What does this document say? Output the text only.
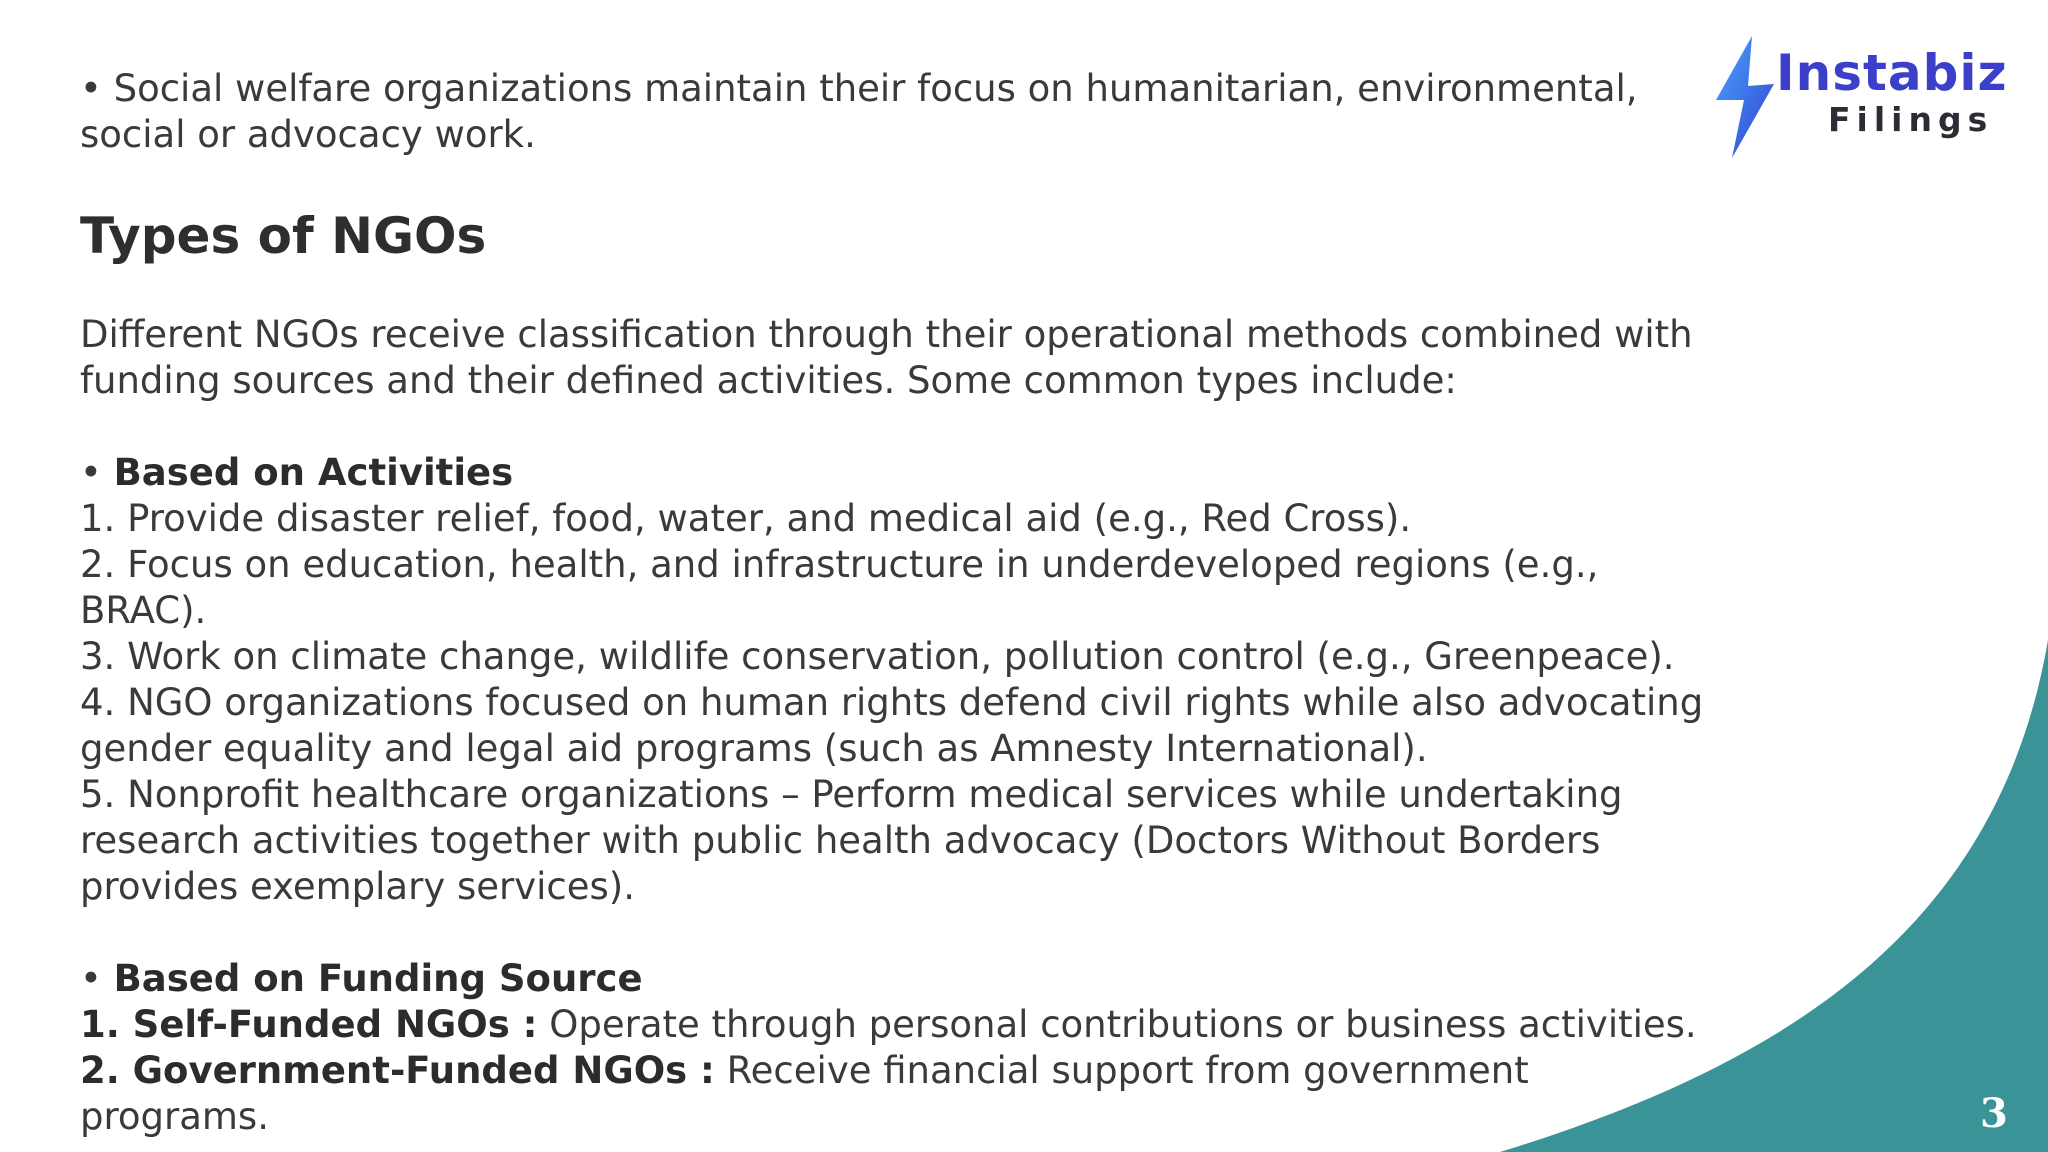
Instabiz
Filings

• Social welfare organizations maintain their focus on humanitarian, environmental, social or advocacy work.

Types of NGOs

Different NGOs receive classification through their operational methods combined with funding sources and their defined activities. Some common types include:

• Based on Activities

1. Provide disaster relief, food, water, and medical aid (e.g., Red Cross).

2. Focus on education, health, and infrastructure in underdeveloped regions (e.g., BRAC).

3. Work on climate change, wildlife conservation, pollution control (e.g., Greenpeace).

4. NGO organizations focused on human rights defend civil rights while also advocating gender equality and legal aid programs (such as Amnesty International).

5. Nonprofit healthcare organizations – Perform medical services while undertaking research activities together with public health advocacy (Doctors Without Borders provides exemplary services).

• Based on Funding Source

1. Self-Funded NGOs : Operate through personal contributions or business activities.

2. Government-Funded NGOs : Receive financial support from government programs.	3
